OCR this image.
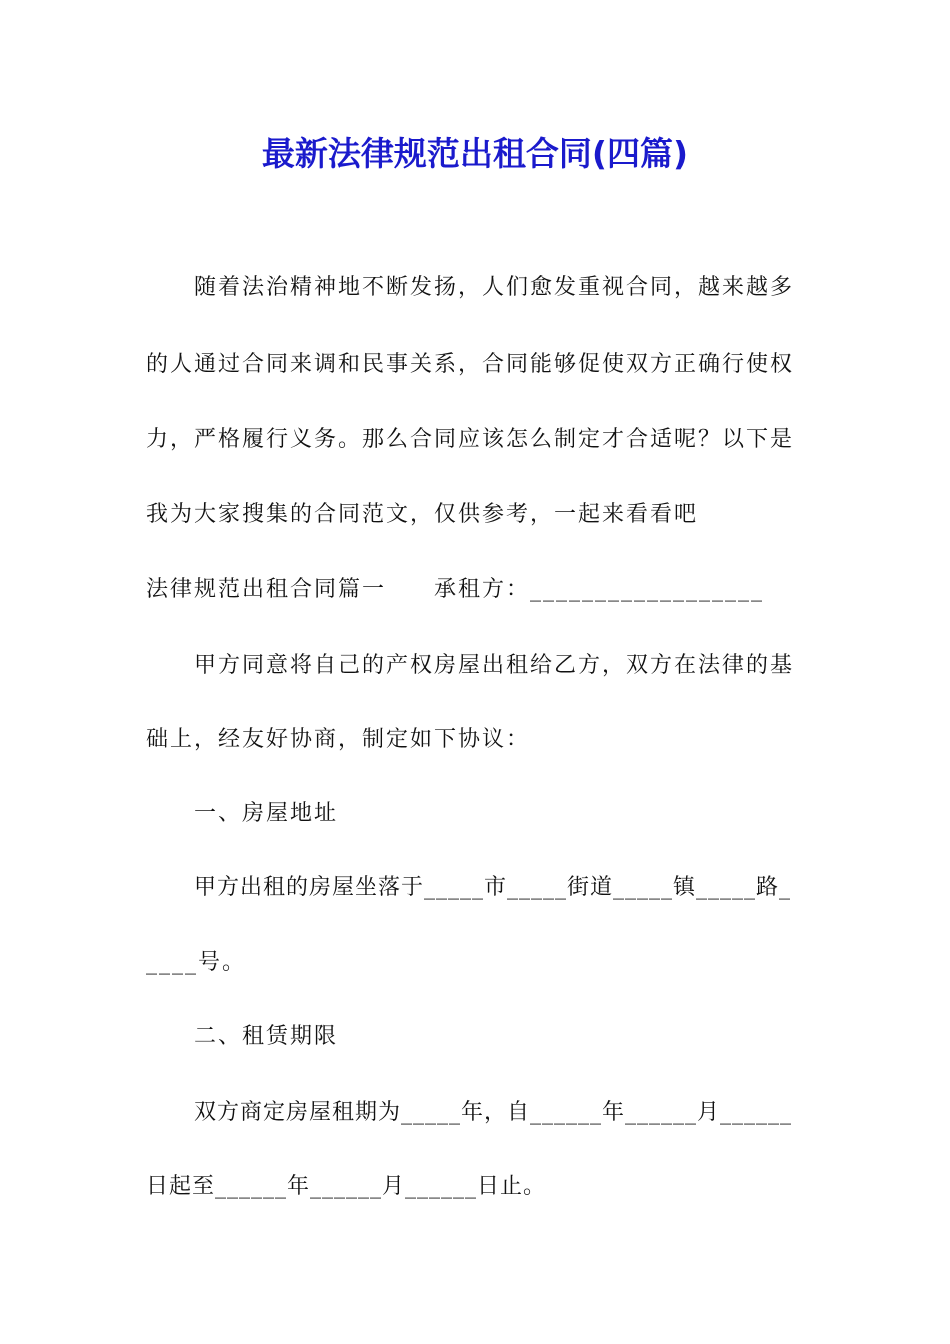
最新法律规范出租合同(四篇)
随着法治精神地不断发扬，人们愈发重视合同，越来越多
的人通过合同来调和民事关系，合同能够促使双方正确行使权
力，严格履行义务。那么合同应该怎么制定才合适呢？以下是
我为大家搜集的合同范文，仅供参考，一起来看看吧
法律规范出租合同篇一 承租方：__________________
甲方同意将自己的产权房屋出租给乙方，双方在法律的基
础上，经友好协商，制定如下协议：
一、房屋地址
甲方出租的房屋坐落于_____市_____街道_____镇_____路_
____号。
二、租赁期限
双方商定房屋租期为_____年，自______年______月______
日起至______年______月______日止。
